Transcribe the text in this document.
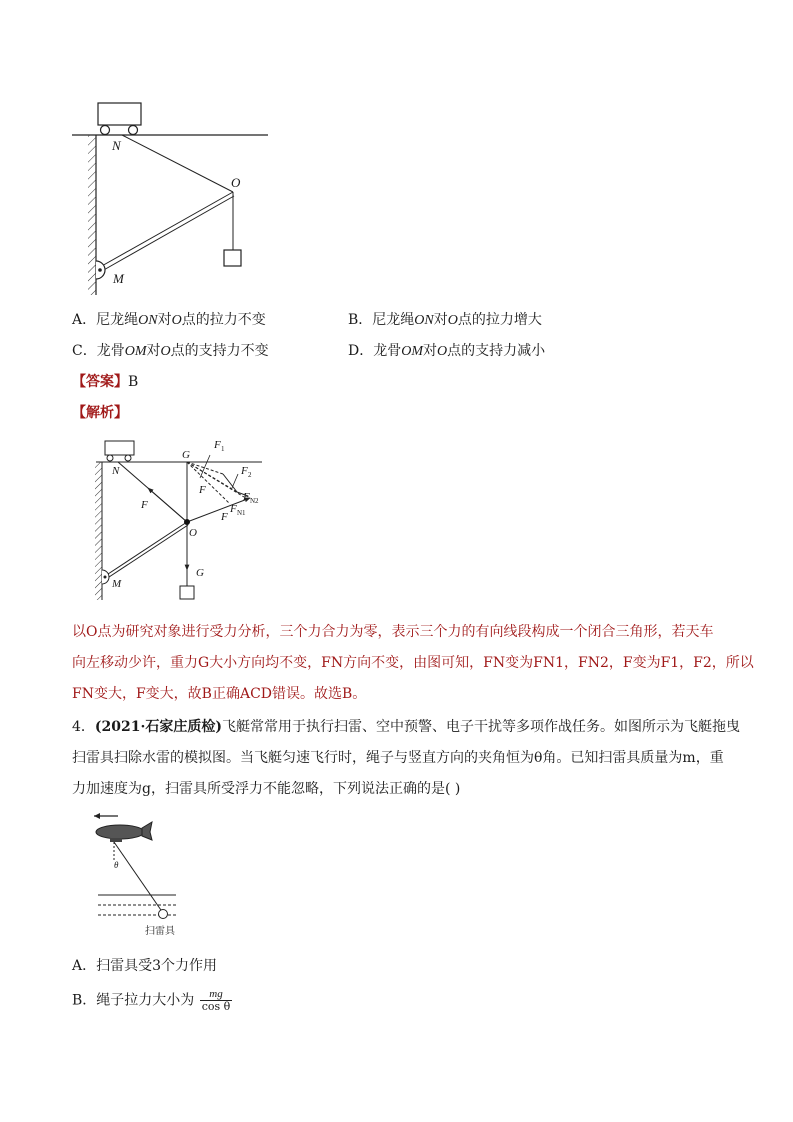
N
O
M
A．尼龙绳ON对O点的拉力不变	B．尼龙绳ON对O点的拉力增大
C．龙骨OM对O点的支持力不变	D．龙骨OM对O点的支持力减小
【答案】B
【解析】
G
F 1
F 2
F N2
F N1
F
F
F
N
O
M
G
以O点为研究对象进行受力分析，三个力合力为零，表示三个力的有向线段构成一个闭合三角形，若天车
向左移动少许，重力G大小方向均不变，FN方向不变，由图可知，FN变为FN1，FN2，F变为F1，F2，所以
FN变大，F变大，故B正确ACD错误。故选B。
4．(2021·石家庄质检)飞艇常常用于执行扫雷、空中预警、电子干扰等多项作战任务。如图所示为飞艇拖曳
扫雷具扫除水雷的模拟图。当飞艇匀速飞行时，绳子与竖直方向的夹角恒为θ角。已知扫雷具质量为m，重
力加速度为g，扫雷具所受浮力不能忽略，下列说法正确的是( )
θ
扫雷具
A．扫雷具受3个力作用
B．绳子拉力大小为 $\frac{mg}{\text{cos θ}}$
